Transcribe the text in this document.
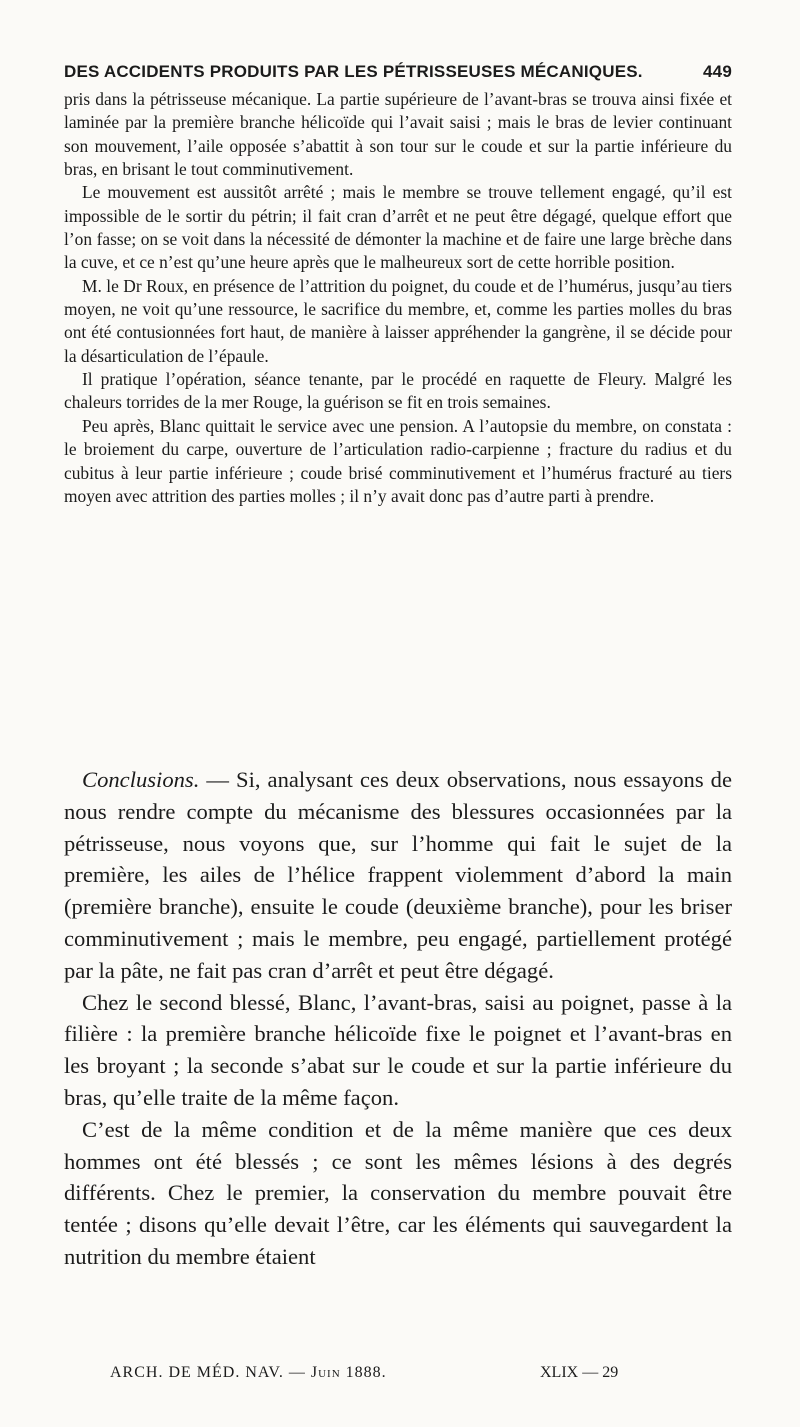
DES ACCIDENTS PRODUITS PAR LES PÉTRISSEUSES MÉCANIQUES.	449

pris dans la pétrisseuse mécanique. La partie supérieure de l’avant-bras se trouva ainsi fixée et laminée par la première branche hélicoïde qui l’avait saisi ; mais le bras de levier continuant son mouvement, l’aile opposée s’abattit à son tour sur le coude et sur la partie inférieure du bras, en brisant le tout comminutivement.

Le mouvement est aussitôt arrêté ; mais le membre se trouve tellement engagé, qu’il est impossible de le sortir du pétrin; il fait cran d’arrêt et ne peut être dégagé, quelque effort que l’on fasse; on se voit dans la nécessité de démonter la machine et de faire une large brèche dans la cuve, et ce n’est qu’une heure après que le malheureux sort de cette horrible position.

M. le Dr Roux, en présence de l’attrition du poignet, du coude et de l’humérus, jusqu’au tiers moyen, ne voit qu’une ressource, le sacrifice du membre, et, comme les parties molles du bras ont été contusionnées fort haut, de manière à laisser appréhender la gangrène, il se décide pour la désarticulation de l’épaule.

Il pratique l’opération, séance tenante, par le procédé en raquette de Fleury. Malgré les chaleurs torrides de la mer Rouge, la guérison se fit en trois semaines.

Peu après, Blanc quittait le service avec une pension. A l’autopsie du membre, on constata : le broiement du carpe, ouverture de l’articulation radio-carpienne ; fracture du radius et du cubitus à leur partie inférieure ; coude brisé comminutivement et l’humérus fracturé au tiers moyen avec attrition des parties molles ; il n’y avait donc pas d’autre parti à prendre.

Conclusions. — Si, analysant ces deux observations, nous essayons de nous rendre compte du mécanisme des blessures occasionnées par la pétrisseuse, nous voyons que, sur l’homme qui fait le sujet de la première, les ailes de l’hélice frappent violemment d’abord la main (première branche), ensuite le coude (deuxième branche), pour les briser comminutivement ; mais le membre, peu engagé, partiellement protégé par la pâte, ne fait pas cran d’arrêt et peut être dégagé.

Chez le second blessé, Blanc, l’avant-bras, saisi au poignet, passe à la filière : la première branche hélicoïde fixe le poignet et l’avant-bras en les broyant ; la seconde s’abat sur le coude et sur la partie inférieure du bras, qu’elle traite de la même façon.

C’est de la même condition et de la même manière que ces deux hommes ont été blessés ; ce sont les mêmes lésions à des degrés différents. Chez le premier, la conservation du membre pouvait être tentée ; disons qu’elle devait l’être, car les éléments qui sauvegardent la nutrition du membre étaient

ARCH. DE MÉD. NAV. — Juin 1888.	XLIX — 29
